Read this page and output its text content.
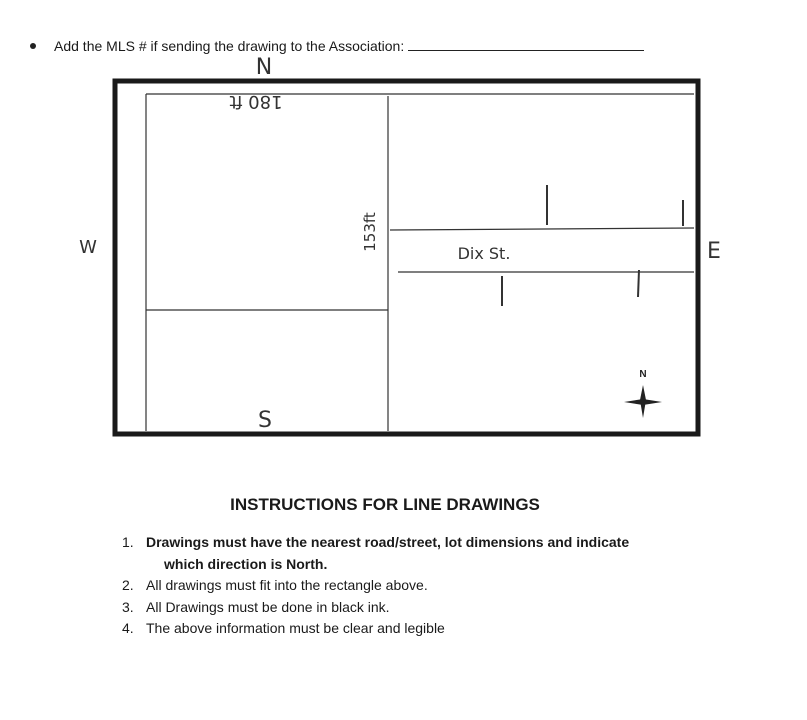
Add the MLS # if sending the drawing to the Association:
N
180 ft
153ft
W	E
S
Dix St.
N
INSTRUCTIONS FOR LINE DRAWINGS
1. Drawings must have the nearest road/street, lot dimensions and indicate
which direction is North.
2. All drawings must fit into the rectangle above.
3. All Drawings must be done in black ink.
4. The above information must be clear and legible
